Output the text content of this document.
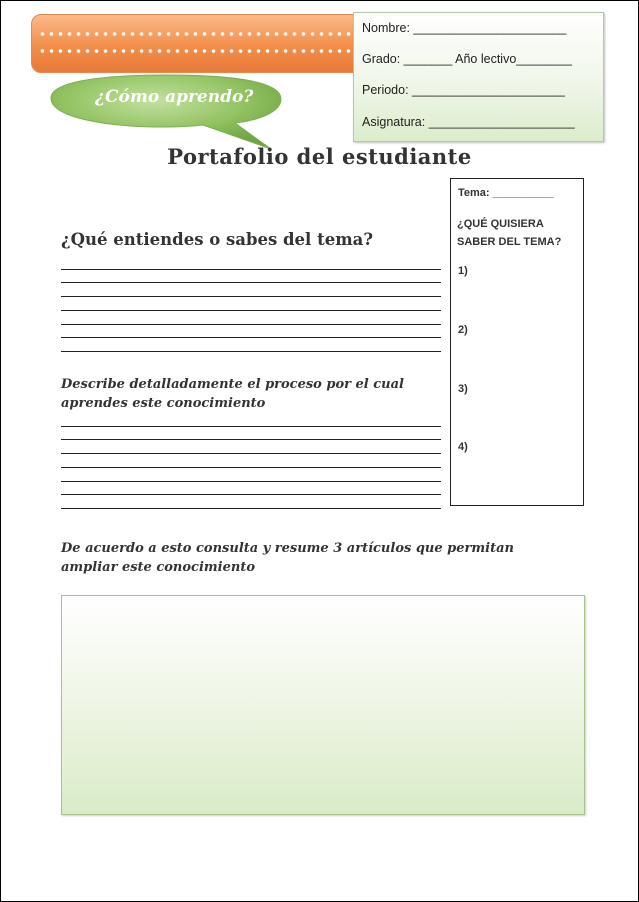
Nombre: ______________________
Grado: _______ Año lectivo________
Periodo: ______________________
Asignatura: _____________________
¿Cómo aprendo?
Portafolio del estudiante
¿Qué entiendes o sabes del tema?
Describe detalladamente el proceso por el cual aprendes este conocimiento
Tema: __________
¿QUÉ QUISIERA SABER DEL TEMA?
1)
2)
3)
4)
De acuerdo a esto consulta y resume 3 artículos que permitan ampliar este conocimiento
